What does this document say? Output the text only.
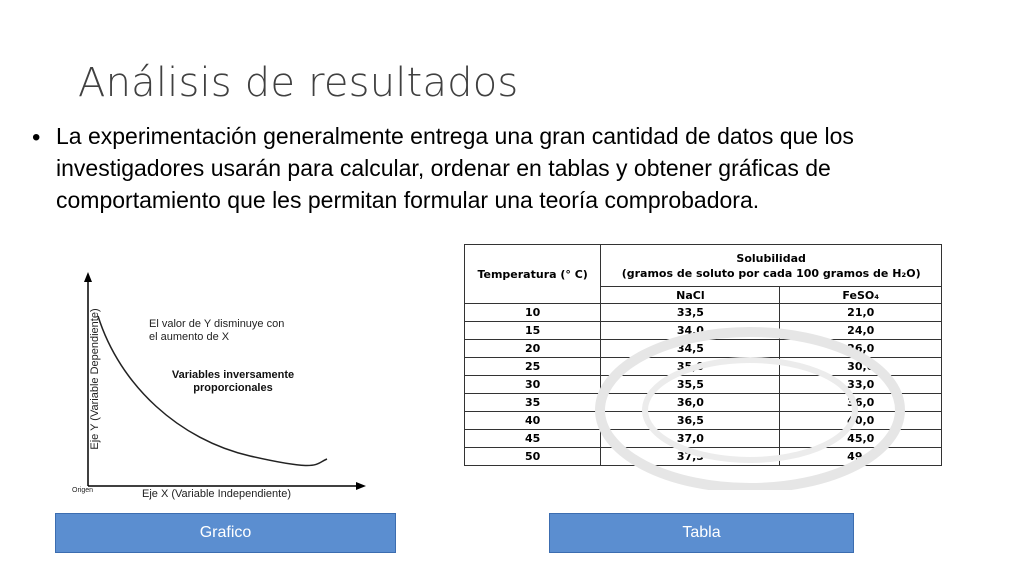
Análisis de resultados
• La experimentación generalmente entrega una gran cantidad de datos que los investigadores usarán para calcular, ordenar en tablas y obtener gráficas de comportamiento que les permitan formular una teoría comprobadora.
Eje Y (Variable Dependiente)
Eje X (Variable Independiente)
Origen
El valor de Y disminuye con
el aumento de X
Variables inversamente
proporcionales
Temperatura (° C)	Solubilidad
(gramos de soluto por cada 100 gramos de H₂O)	

	NaCl	FeSO₄
10	33,5	21,0
15	34,0	24,0
20	34,5	26,0
25	35,0	30,0
30	35,5	33,0
35	36,0	36,0
40	36,5	40,0
45	37,0	45,0
50	37,5	49,0
Grafico	Tabla
